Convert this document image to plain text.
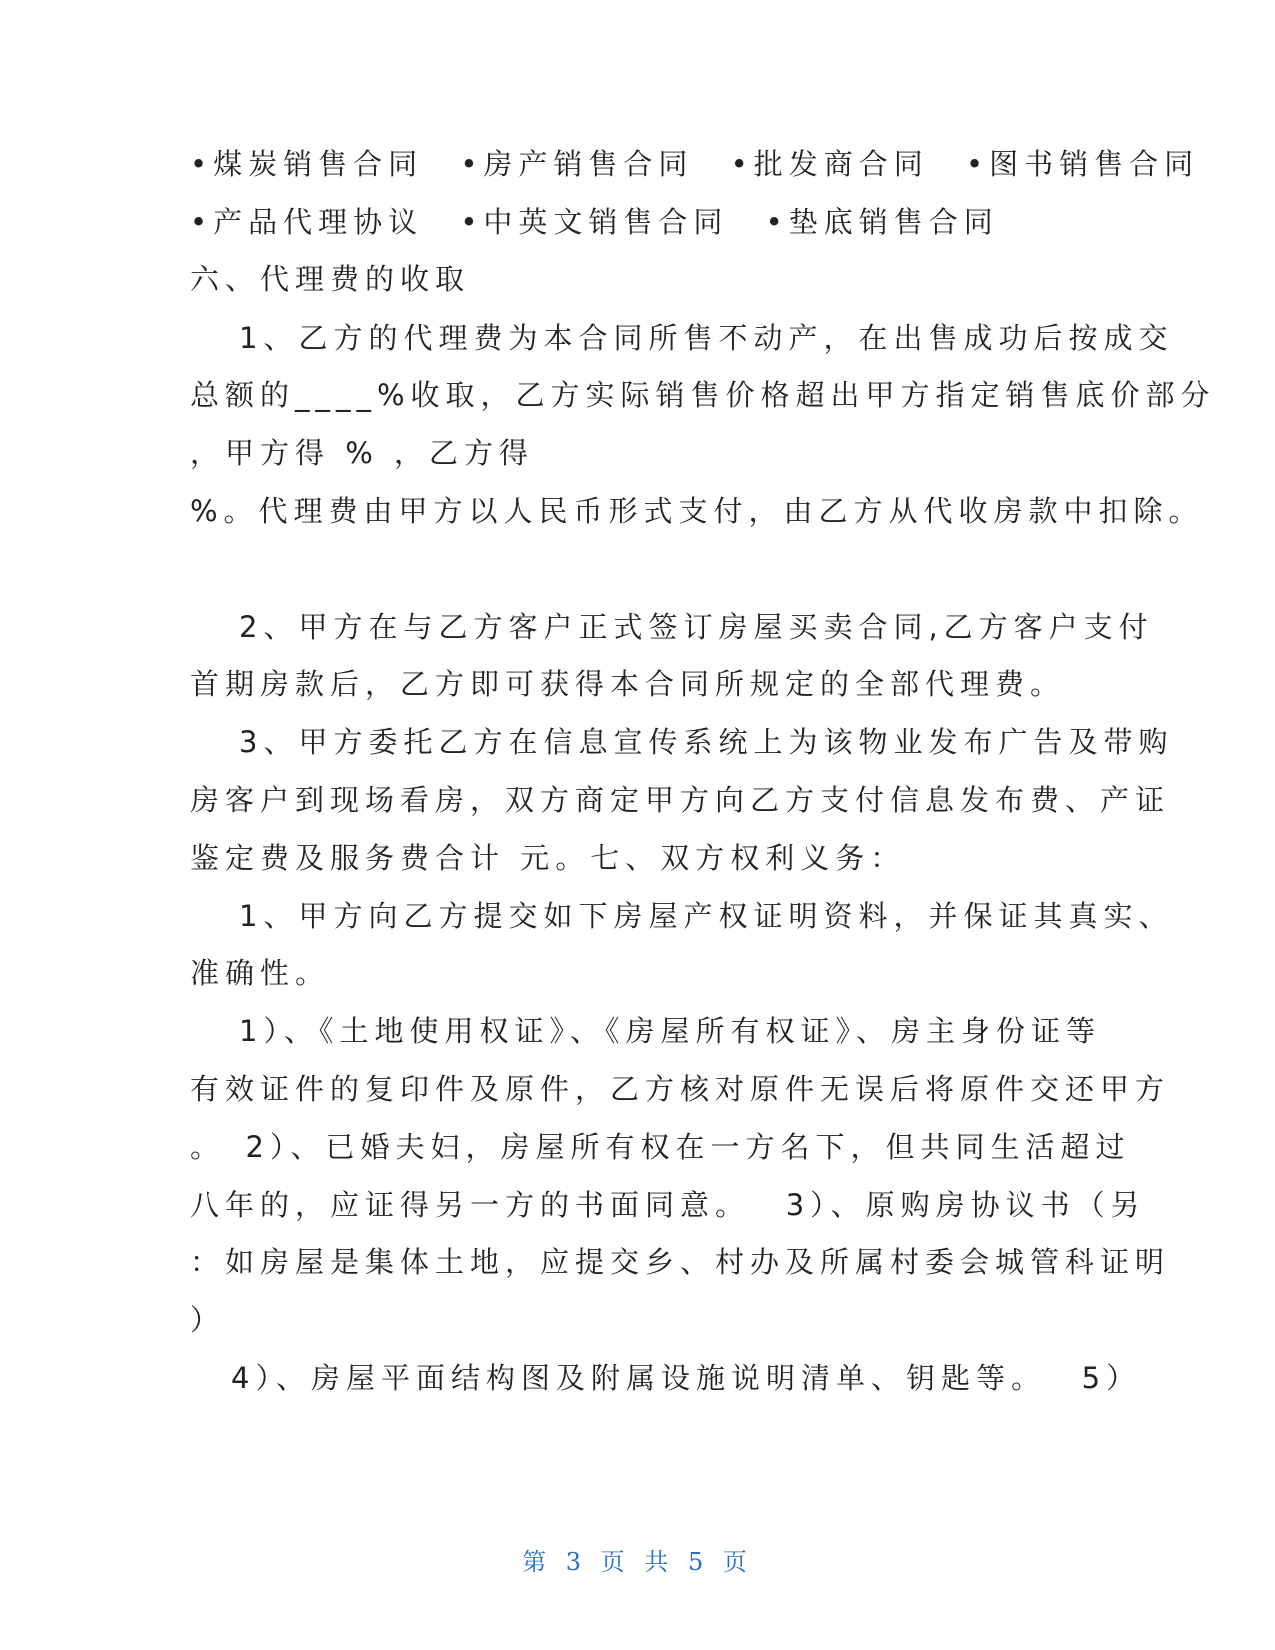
•煤炭销售合同 •房产销售合同 •批发商合同 •图书销售合同
•产品代理协议 •中英文销售合同 •垫底销售合同
六、代理费的收取
1、乙方的代理费为本合同所售不动产，在出售成功后按成交
总额的____%收取，乙方实际销售价格超出甲方指定销售底价部分
，甲方得 % ，乙方得
%。代理费由甲方以人民币形式支付，由乙方从代收房款中扣除。
2、甲方在与乙方客户正式签订房屋买卖合同,乙方客户支付
首期房款后，乙方即可获得本合同所规定的全部代理费。
3、甲方委托乙方在信息宣传系统上为该物业发布广告及带购
房客户到现场看房，双方商定甲方向乙方支付信息发布费、产证
鉴定费及服务费合计 元。七、双方权利义务：
1、甲方向乙方提交如下房屋产权证明资料，并保证其真实、
准确性。
1）、《土地使用权证》、《房屋所有权证》、房主身份证等
有效证件的复印件及原件，乙方核对原件无误后将原件交还甲方
。　2）、已婚夫妇，房屋所有权在一方名下，但共同生活超过
八年的，应证得另一方的书面同意。　 3）、原购房协议书（另
：如房屋是集体土地，应提交乡、村办及所属村委会城管科证明
）
4）、房屋平面结构图及附属设施说明清单、钥匙等。　 5）
第 3 页 共 5 页
